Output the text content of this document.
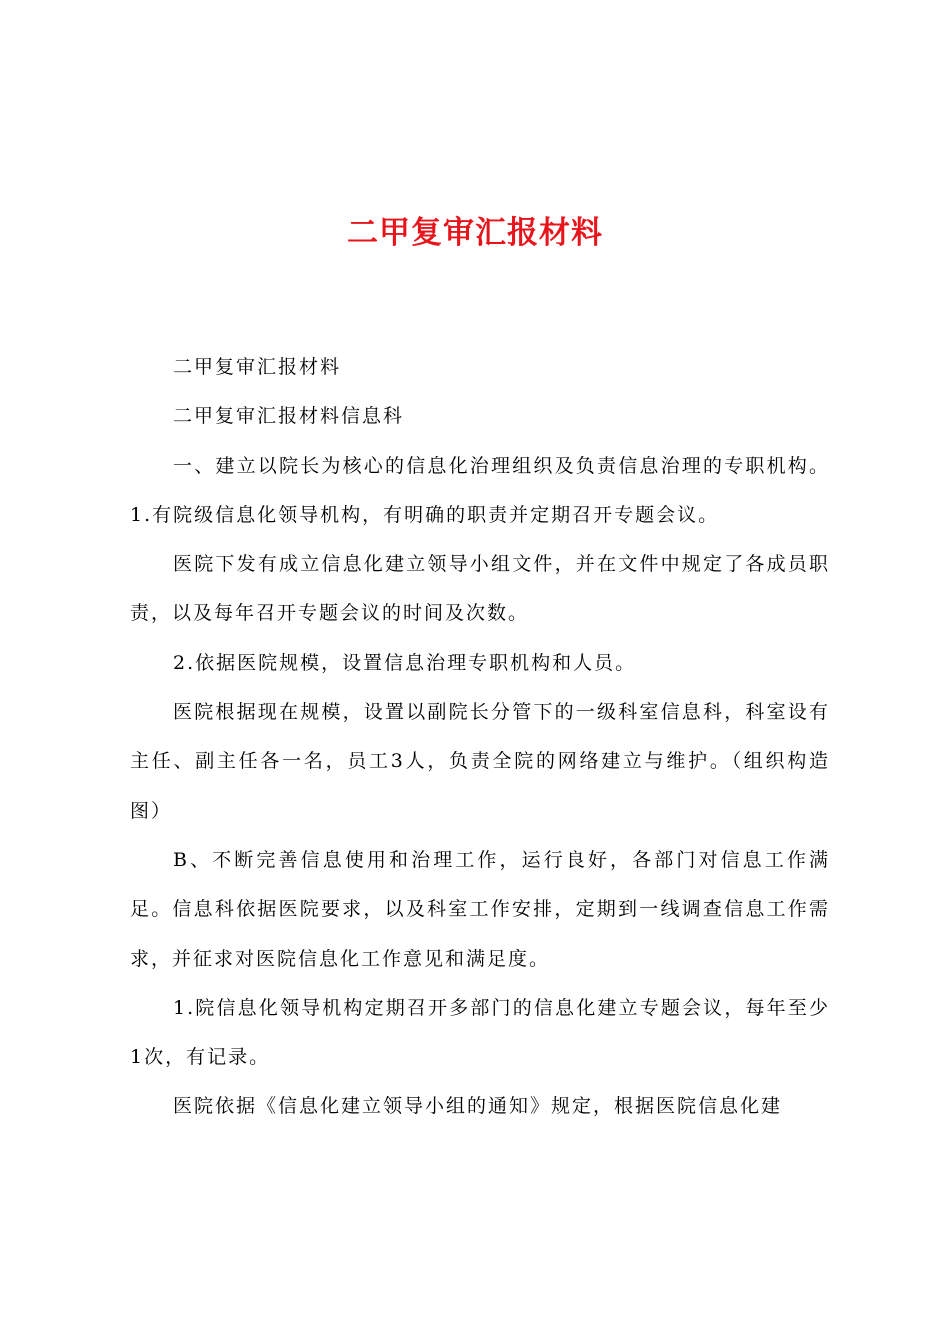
二甲复审汇报材料

二甲复审汇报材料

二甲复审汇报材料信息科

一、建立以院长为核心的信息化治理组织及负责信息治理的专职机构。1.有院级信息化领导机构，有明确的职责并定期召开专题会议。

医院下发有成立信息化建立领导小组文件，并在文件中规定了各成员职责，以及每年召开专题会议的时间及次数。

2.依据医院规模，设置信息治理专职机构和人员。

医院根据现在规模，设置以副院长分管下的一级科室信息科，科室设有主任、副主任各一名，员工3人，负责全院的网络建立与维护。（组织构造图）

B、不断完善信息使用和治理工作，运行良好，各部门对信息工作满足。信息科依据医院要求，以及科室工作安排，定期到一线调查信息工作需求，并征求对医院信息化工作意见和满足度。

1.院信息化领导机构定期召开多部门的信息化建立专题会议，每年至少1次，有记录。

医院依据《信息化建立领导小组的通知》规定，根据医院信息化建
